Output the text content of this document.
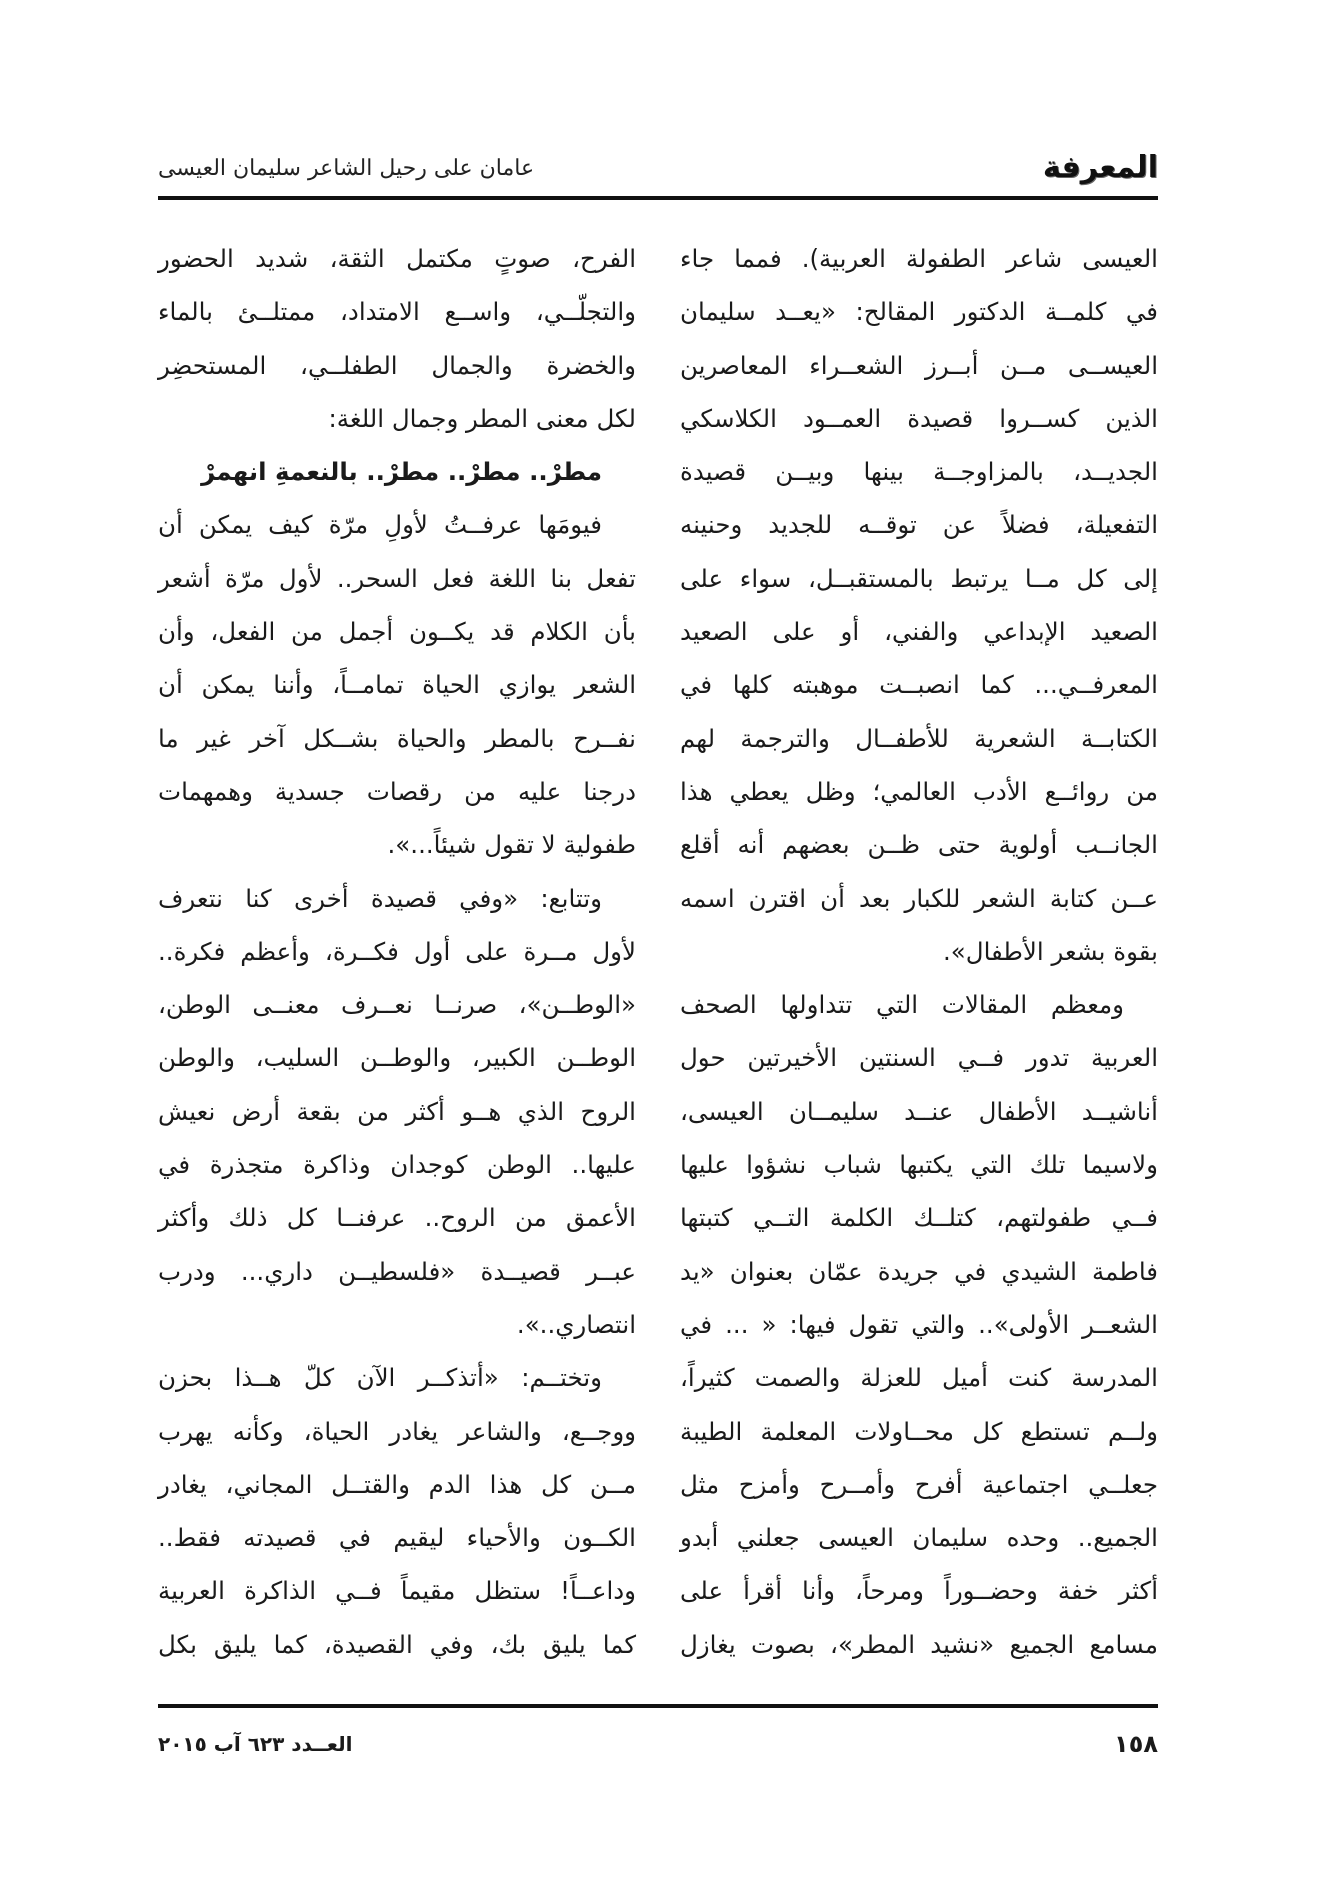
المعرفة
عامان على رحيل الشاعر سليمان العيسى
العيسى شاعر الطفولة العربية). فمما جاء
في كلمــة الدكتور المقالح: «يعــد سليمان
العيســى مــن أبــرز الشعــراء المعاصرين
الذين كســروا قصيدة العمــود الكلاسكي
الجديــد، بالمزاوجــة بينها وبيــن قصيدة
التفعيلة، فضلاً عن توقــه للجديد وحنينه
إلى كل مــا يرتبط بالمستقبــل، سواء على
الصعيد الإبداعي والفني، أو على الصعيد
المعرفــي... كما انصبــت موهبته كلها في
الكتابــة الشعرية للأطفــال والترجمة لهم
من روائــع الأدب العالمي؛ وظل يعطي هذا
الجانــب أولوية حتى ظــن بعضهم أنه أقلع
عــن كتابة الشعر للكبار بعد أن اقترن اسمه
بقوة بشعر الأطفال».
ومعظم المقالات التي تتداولها الصحف
العربية تدور فــي السنتين الأخيرتين حول
أناشيــد الأطفال عنــد سليمــان العيسى،
ولاسيما تلك التي يكتبها شباب نشؤوا عليها
فــي طفولتهم، كتلــك الكلمة التــي كتبتها
فاطمة الشيدي في جريدة عمّان بعنوان «يد
الشعــر الأولى».. والتي تقول فيها: « ... في
المدرسة كنت أميل للعزلة والصمت كثيراً،
ولــم تستطع كل محــاولات المعلمة الطيبة
جعلــي اجتماعية أفرح وأمــرح وأمزح مثل
الجميع.. وحده سليمان العيسى جعلني أبدو
أكثر خفة وحضــوراً ومرحاً، وأنا أقرأ على
مسامع الجميع «نشيد المطر»، بصوت يغازل
الفرح، صوتٍ مكتمل الثقة، شديد الحضور
والتجلّــي، واســع الامتداد، ممتلــئ بالماء
والخضرة والجمال الطفلــي، المستحضِر
لكل معنى المطر وجمال اللغة:
مطرْ.. مطرْ.. مطرْ.. بالنعمةِ انهمرْ
فيومَها عرفــتُ لأولِ مرّة كيف يمكن أن
تفعل بنا اللغة فعل السحر.. لأول مرّة أشعر
بأن الكلام قد يكــون أجمل من الفعل، وأن
الشعر يوازي الحياة تمامــاً، وأننا يمكن أن
نفــرح بالمطر والحياة بشــكل آخر غير ما
درجنا عليه من رقصات جسدية وهمهمات
طفولية لا تقول شيئاً...».
وتتابع: «وفي قصيدة أخرى كنا نتعرف
لأول مــرة على أول فكــرة، وأعظم فكرة..
«الوطــن»، صرنــا نعــرف معنــى الوطن،
الوطــن الكبير، والوطــن السليب، والوطن
الروح الذي هــو أكثر من بقعة أرض نعيش
عليها.. الوطن كوجدان وذاكرة متجذرة في
الأعمق من الروح.. عرفنــا كل ذلك وأكثر
عبــر قصيــدة «فلسطيــن داري... ودرب
انتصاري..».
وتختــم: «أتذكــر الآن كلّ هــذا بحزن
ووجــع، والشاعر يغادر الحياة، وكأنه يهرب
مــن كل هذا الدم والقتــل المجاني، يغادر
الكــون والأحياء ليقيم في قصيدته فقط..
وداعــاً! ستظل مقيماً فــي الذاكرة العربية
كما يليق بك، وفي القصيدة، كما يليق بكل
١٥٨
العــدد ٦٢٣ آب ٢٠١٥
